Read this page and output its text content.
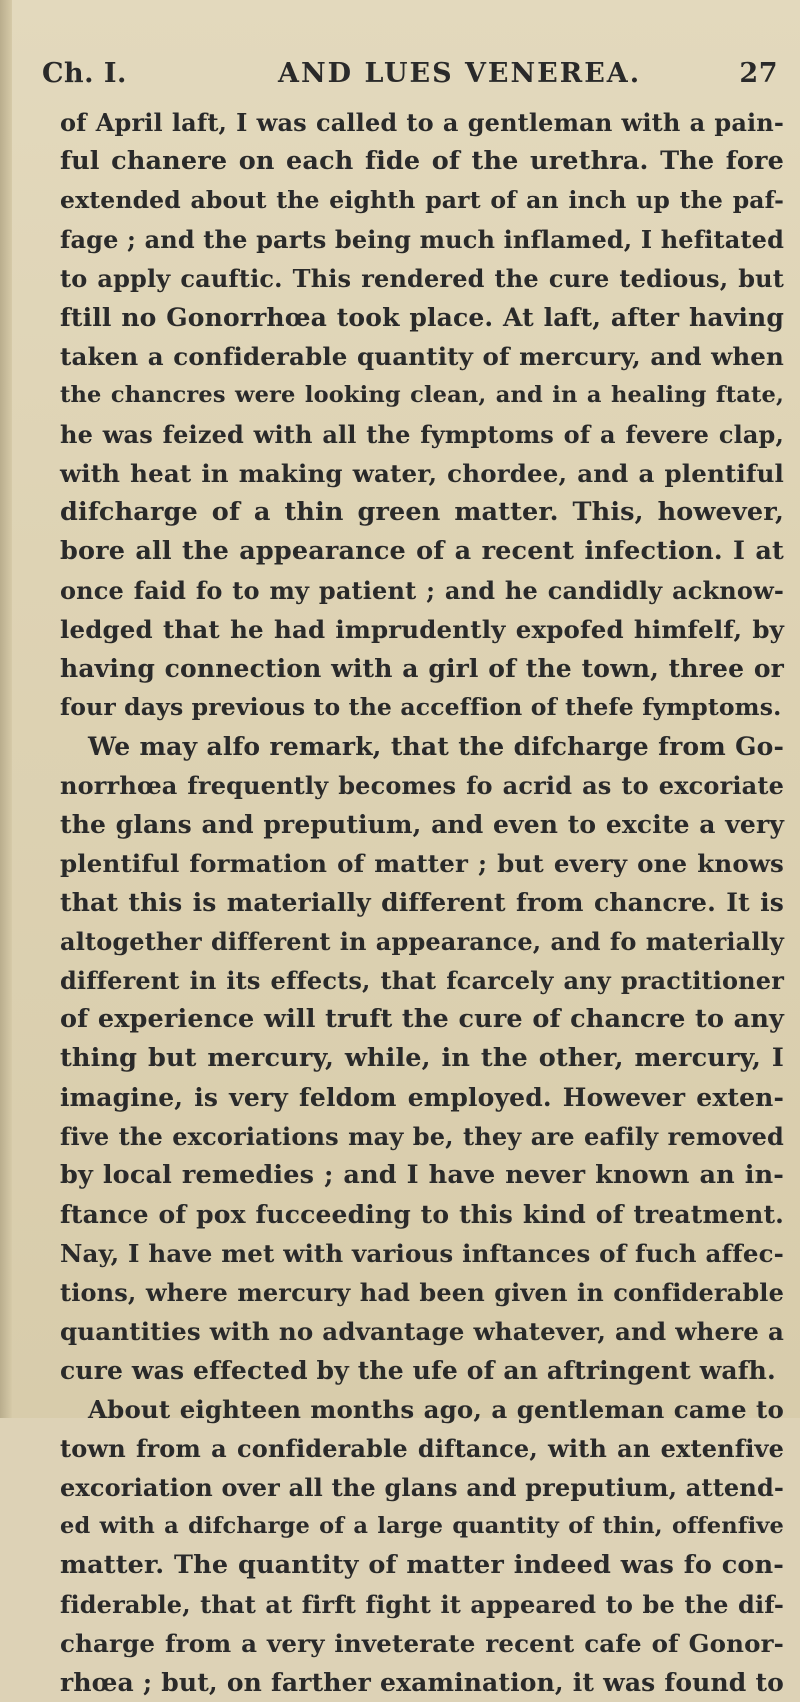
Ch. I.	AND LUES VENEREA.	27
of April laft, I was called to a gentleman with a pain-
ful chanere on each fide of the urethra. The fore
extended about the eighth part of an inch up the paf-
fage ; and the parts being much inflamed, I hefitated
to apply cauftic. This rendered the cure tedious, but
ftill no Gonorrhœa took place. At laft, after having
taken a confiderable quantity of mercury, and when
the chancres were looking clean, and in a healing ftate,
he was feized with all the fymptoms of a fevere clap,
with heat in making water, chordee, and a plentiful
difcharge of a thin green matter. This, however,
bore all the appearance of a recent infection. I at
once faid fo to my patient ; and he candidly acknow-
ledged that he had imprudently expofed himfelf, by
having connection with a girl of the town, three or
four days previous to the acceffion of thefe fymptoms.
We may alfo remark, that the difcharge from Go-
norrhœa frequently becomes fo acrid as to excoriate
the glans and preputium, and even to excite a very
plentiful formation of matter ; but every one knows
that this is materially different from chancre. It is
altogether different in appearance, and fo materially
different in its effects, that fcarcely any practitioner
of experience will truft the cure of chancre to any
thing but mercury, while, in the other, mercury, I
imagine, is very feldom employed. However exten-
five the excoriations may be, they are eafily removed
by local remedies ; and I have never known an in-
ftance of pox fucceeding to this kind of treatment.
Nay, I have met with various inftances of fuch affec-
tions, where mercury had been given in confiderable
quantities with no advantage whatever, and where a
cure was effected by the ufe of an aftringent wafh.
About eighteen months ago, a gentleman came to
town from a confiderable diftance, with an extenfive
excoriation over all the glans and preputium, attend-
ed with a difcharge of a large quantity of thin, offenfive
matter. The quantity of matter indeed was fo con-
fiderable, that at firft fight it appeared to be the dif-
charge from a very inveterate recent cafe of Gonor-
rhœa ; but, on farther examination, it was found to
